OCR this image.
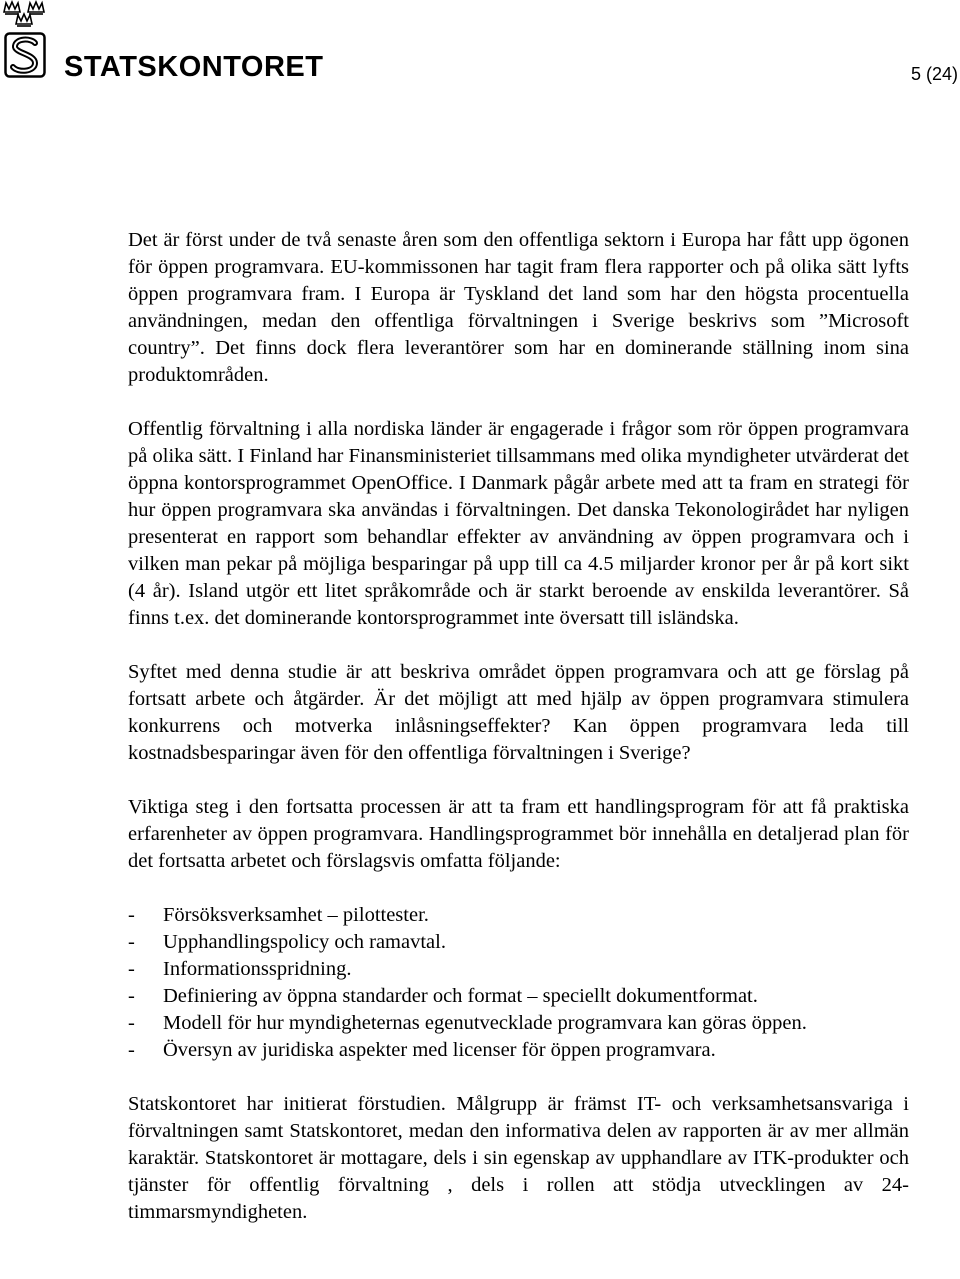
STATSKONTORET	5 (24)

Det är först under de två senaste åren som den offentliga sektorn i Europa har fått upp ögonen för öppen programvara. EU-kommissonen har tagit fram flera rapporter och på olika sätt lyfts öppen programvara fram. I Europa är Tyskland det land som har den högsta procentuella användningen, medan den offentliga förvaltningen i Sverige beskrivs som ”Microsoft country”. Det finns dock flera leverantörer som har en dominerande ställning inom sina produktområden.

Offentlig förvaltning i alla nordiska länder är engagerade i frågor som rör öppen programvara på olika sätt. I Finland har Finansministeriet tillsammans med olika myndigheter utvärderat det öppna kontorsprogrammet OpenOffice. I Danmark pågår arbete med att ta fram en strategi för hur öppen programvara ska användas i förvaltningen. Det danska Tekonologirådet har nyligen presenterat en rapport som behandlar effekter av användning av öppen programvara och i vilken man pekar på möjliga besparingar på upp till ca 4.5 miljarder kronor per år på kort sikt (4 år). Island utgör ett litet språkområde och är starkt beroende av enskilda leverantörer. Så finns t.ex. det dominerande kontorsprogrammet inte översatt till isländska.

Syftet med denna studie är att beskriva området öppen programvara och att ge förslag på fortsatt arbete och åtgärder. Är det möjligt att med hjälp av öppen programvara stimulera konkurrens och motverka inlåsningseffekter? Kan öppen programvara leda till kostnadsbesparingar även för den offentliga förvaltningen i Sverige?

Viktiga steg i den fortsatta processen är att ta fram ett handlingsprogram för att få praktiska erfarenheter av öppen programvara. Handlingsprogrammet bör innehålla en detaljerad plan för det fortsatta arbetet och förslagsvis omfatta följande:

- Försöksverksamhet – pilottester.
- Upphandlingspolicy och ramavtal.
- Informationsspridning.
- Definiering av öppna standarder och format – speciellt dokumentformat.
- Modell för hur myndigheternas egenutvecklade programvara kan göras öppen.
- Översyn av juridiska aspekter med licenser för öppen programvara.

Statskontoret har initierat förstudien. Målgrupp är främst IT- och verksamhetsansvariga i förvaltningen samt Statskontoret, medan den informativa delen av rapporten är av mer allmän karaktär. Statskontoret är mottagare, dels i sin egenskap av upphandlare av ITK-produkter och tjänster för offentlig förvaltning , dels i rollen att stödja utvecklingen av 24-timmarsmyndigheten.
